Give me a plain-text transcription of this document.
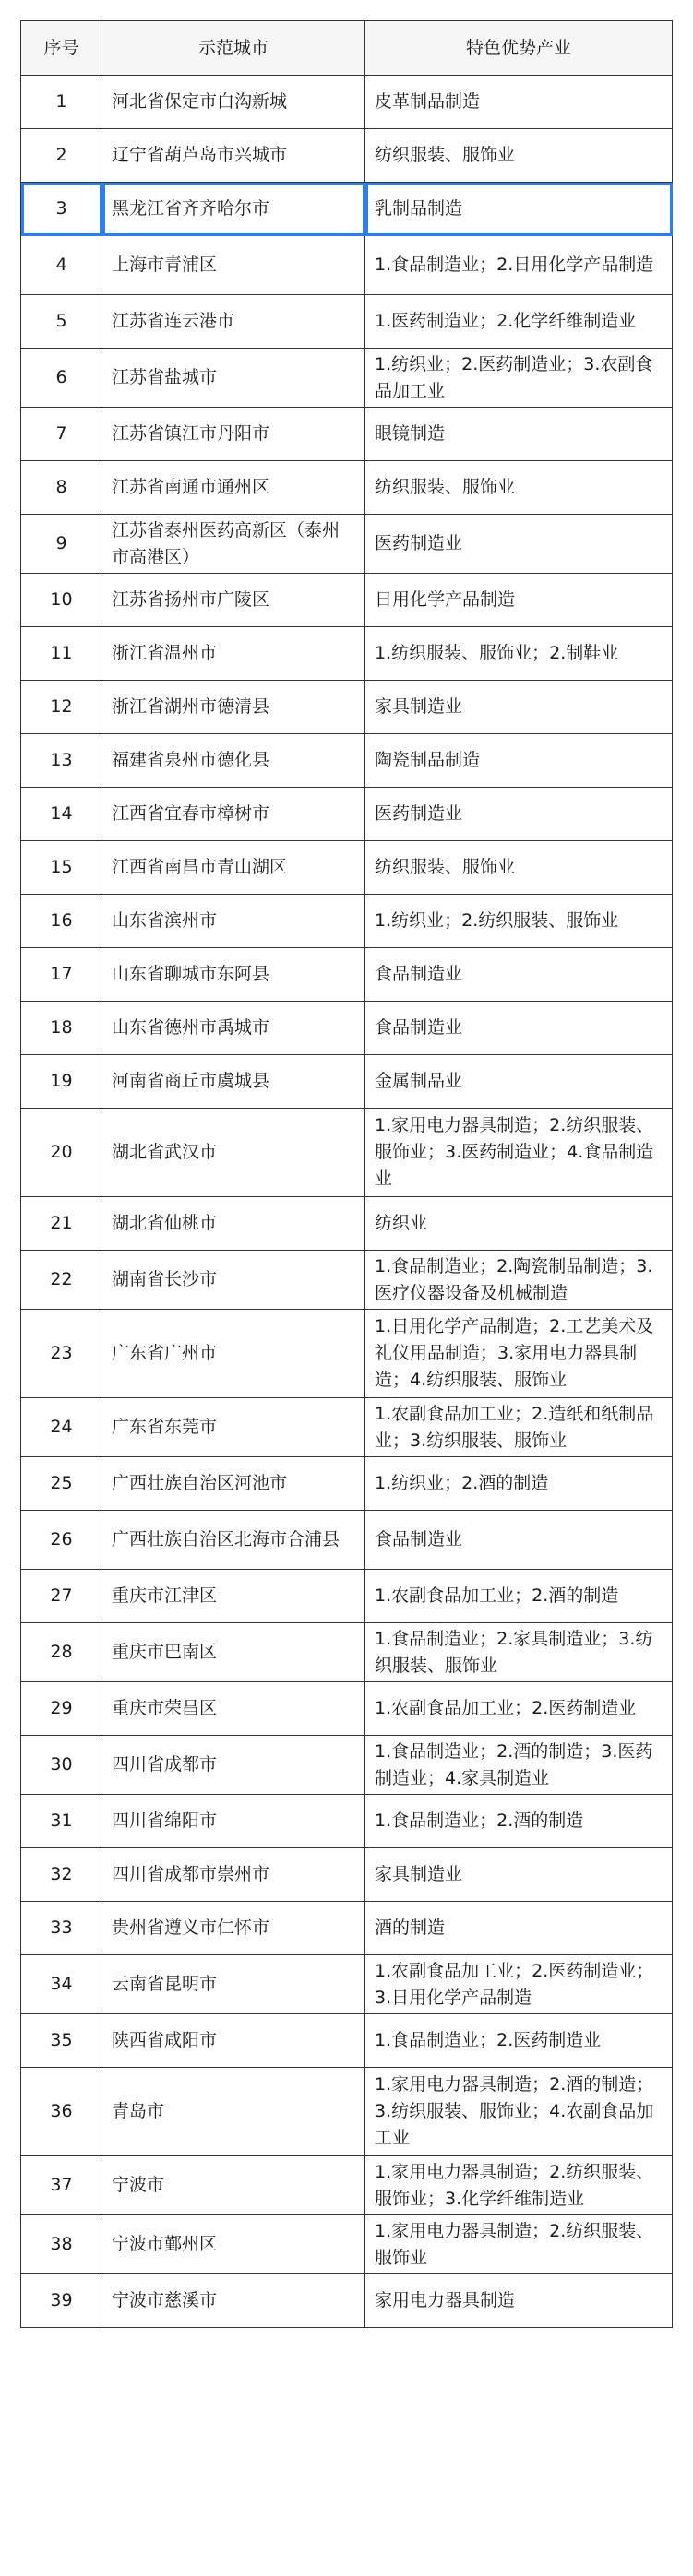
序号	示范城市	特色优势产业
1	河北省保定市白沟新城	皮革制品制造
2	辽宁省葫芦岛市兴城市	纺织服装、服饰业
3	黑龙江省齐齐哈尔市	乳制品制造
4	上海市青浦区	1.食品制造业；2.日用化学产品制造
5	江苏省连云港市	1.医药制造业；2.化学纤维制造业
6	江苏省盐城市	1.纺织业；2.医药制造业；3.农副食品加工业
7	江苏省镇江市丹阳市	眼镜制造
8	江苏省南通市通州区	纺织服装、服饰业
9	江苏省泰州医药高新区（泰州市高港区）	医药制造业
10	江苏省扬州市广陵区	日用化学产品制造
11	浙江省温州市	1.纺织服装、服饰业；2.制鞋业
12	浙江省湖州市德清县	家具制造业
13	福建省泉州市德化县	陶瓷制品制造
14	江西省宜春市樟树市	医药制造业
15	江西省南昌市青山湖区	纺织服装、服饰业
16	山东省滨州市	1.纺织业；2.纺织服装、服饰业
17	山东省聊城市东阿县	食品制造业
18	山东省德州市禹城市	食品制造业
19	河南省商丘市虞城县	金属制品业
20	湖北省武汉市	1.家用电力器具制造；2.纺织服装、服饰业；3.医药制造业；4.食品制造业
21	湖北省仙桃市	纺织业
22	湖南省长沙市	1.食品制造业；2.陶瓷制品制造；3.医疗仪器设备及机械制造
23	广东省广州市	1.日用化学产品制造；2.工艺美术及礼仪用品制造；3.家用电力器具制造；4.纺织服装、服饰业
24	广东省东莞市	1.农副食品加工业；2.造纸和纸制品业；3.纺织服装、服饰业
25	广西壮族自治区河池市	1.纺织业；2.酒的制造
26	广西壮族自治区北海市合浦县	食品制造业
27	重庆市江津区	1.农副食品加工业；2.酒的制造
28	重庆市巴南区	1.食品制造业；2.家具制造业；3.纺织服装、服饰业
29	重庆市荣昌区	1.农副食品加工业；2.医药制造业
30	四川省成都市	1.食品制造业；2.酒的制造；3.医药制造业；4.家具制造业
31	四川省绵阳市	1.食品制造业；2.酒的制造
32	四川省成都市崇州市	家具制造业
33	贵州省遵义市仁怀市	酒的制造
34	云南省昆明市	1.农副食品加工业；2.医药制造业；3.日用化学产品制造
35	陕西省咸阳市	1.食品制造业；2.医药制造业
36	青岛市	1.家用电力器具制造；2.酒的制造；3.纺织服装、服饰业；4.农副食品加工业
37	宁波市	1.家用电力器具制造；2.纺织服装、服饰业；3.化学纤维制造业
38	宁波市鄞州区	1.家用电力器具制造；2.纺织服装、服饰业
39	宁波市慈溪市	家用电力器具制造
